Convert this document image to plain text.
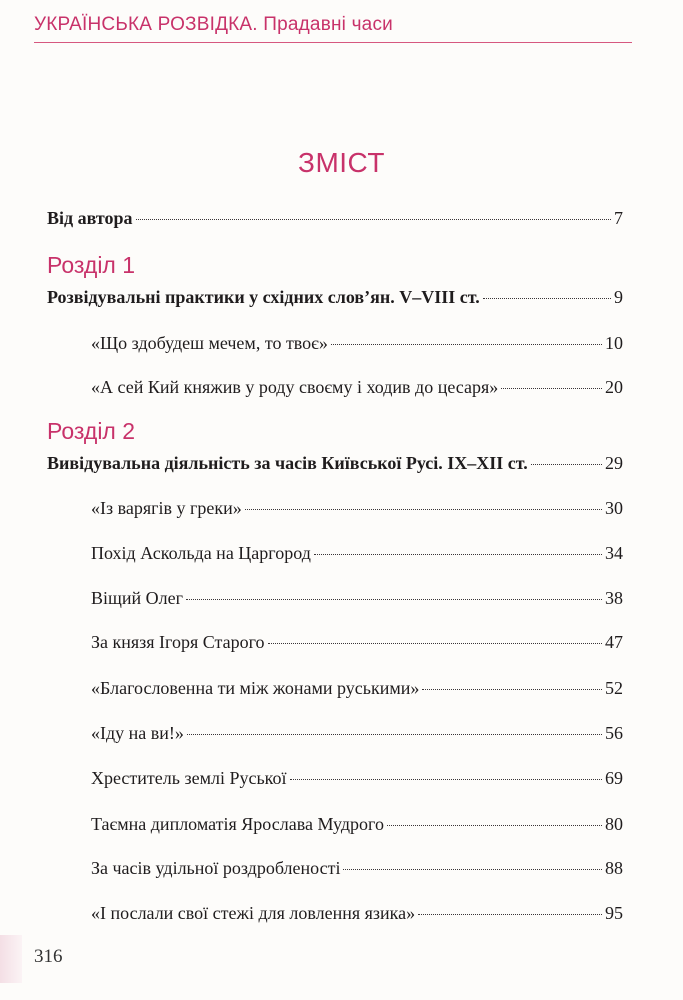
УКРАЇНСЬКА РОЗВІДКА. Прадавні часи
ЗМІСТ
Від автора	7
Розділ 1
Розвідувальні практики у східних слов’ян. V–VIII ст.	9
«Що здобудеш мечем, то твоє»	10
«А сей Кий княжив у роду своєму і ходив до цесаря»	20
Розділ 2
Вивідувальна діяльність за часів Київської Русі. IX–XII ст.	29
«Із варягів у греки»	30
Похід Аскольда на Царгород	34
Віщий Олег	38
За князя Ігоря Старого	47
«Благословенна ти між жонами руськими»	52
«Іду на ви!»	56
Хреститель землі Руської	69
Таємна дипломатія Ярослава Мудрого	80
За часів удільної роздробленості	88
«І послали свої стежі для ловлення язика»	95
316
